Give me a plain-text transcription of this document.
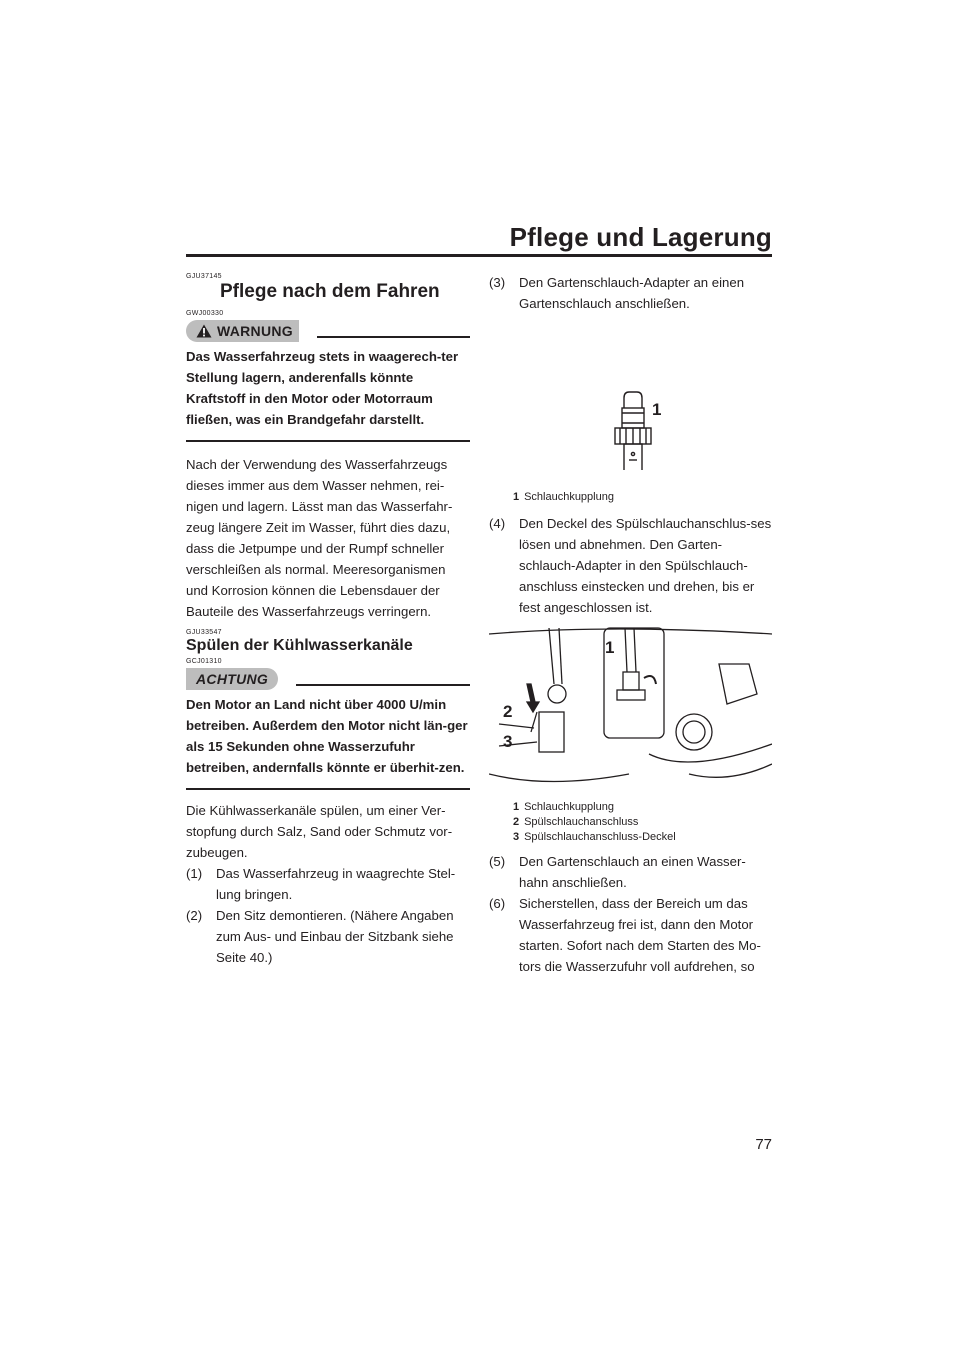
Pflege und Lagerung
GJU37145
Pflege nach dem Fahren
GWJ00330
WARNUNG

Das Wasserfahrzeug stets in waagerech-ter Stellung lagern, anderenfalls könnte Kraftstoff in den Motor oder Motorraum fließen, was ein Brandgefahr darstellt.

Nach der Verwendung des Wasserfahrzeugs dieses immer aus dem Wasser nehmen, rei-nigen und lagern. Lässt man das Wasserfahr-zeug längere Zeit im Wasser, führt dies dazu, dass die Jetpumpe und der Rumpf schneller verschleißen als normal. Meeresorganismen und Korrosion können die Lebensdauer der Bauteile des Wasserfahrzeugs verringern.

GJU33547
Spülen der Kühlwasserkanäle
GCJ01310
ACHTUNG

Den Motor an Land nicht über 4000 U/min betreiben. Außerdem den Motor nicht län-ger als 15 Sekunden ohne Wasserzufuhr betreiben, andernfalls könnte er überhit-zen.

Die Kühlwasserkanäle spülen, um einer Ver-stopfung durch Salz, Sand oder Schmutz vor-zubeugen.

(1) Das Wasserfahrzeug in waagrechte Stel-lung bringen.

(2) Den Sitz demontieren. (Nähere Angaben zum Aus- und Einbau der Sitzbank siehe Seite 40.)

(3) Den Gartenschlauch-Adapter an einen Gartenschlauch anschließen.

1
1 Schlauchkupplung

(4) Den Deckel des Spülschlauchanschlus-ses lösen und abnehmen. Den Garten-schlauch-Adapter in den Spülschlauch-anschluss einstecken und drehen, bis er fest angeschlossen ist.

1
2
3
1 Schlauchkupplung
2 Spülschlauchanschluss
3 Spülschlauchanschluss-Deckel

(5) Den Gartenschlauch an einen Wasser-hahn anschließen.

(6) Sicherstellen, dass der Bereich um das Wasserfahrzeug frei ist, dann den Motor starten. Sofort nach dem Starten des Mo-tors die Wasserzufuhr voll aufdrehen, so

77
